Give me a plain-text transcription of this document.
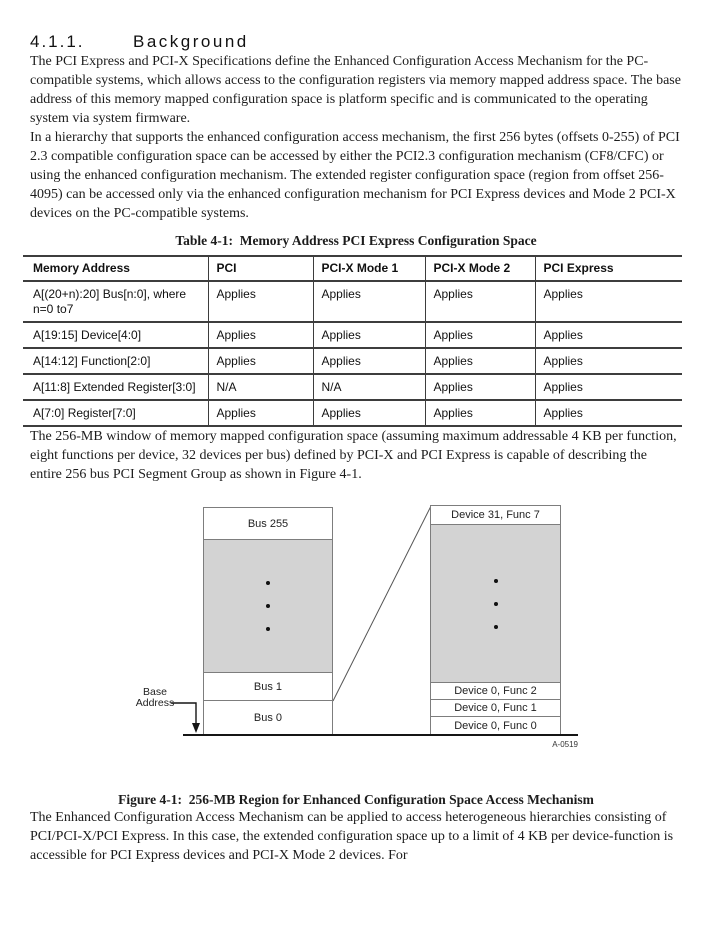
4.1.1.	Background

The PCI Express and PCI-X Specifications define the Enhanced Configuration Access Mechanism for the PC-compatible systems, which allows access to the configuration registers via memory mapped address space. The base address of this memory mapped configuration space is platform specific and is communicated to the operating system via system firmware.

In a hierarchy that supports the enhanced configuration access mechanism, the first 256 bytes (offsets 0-255) of PCI 2.3 compatible configuration space can be accessed by either the PCI2.3 configuration mechanism (CF8/CFC) or using the enhanced configuration mechanism. The extended register configuration space (region from offset 256-4095) can be accessed only via the enhanced configuration mechanism for PCI Express devices and Mode 2 PCI-X devices on the PC-compatible systems.

Table 4-1:  Memory Address PCI Express Configuration Space
Memory Address	PCI	PCI-X Mode 1	PCI-X Mode 2	PCI Express
A[(20+n):20] Bus[n:0], where n=0 to7	Applies	Applies	Applies	Applies
A[19:15] Device[4:0]	Applies	Applies	Applies	Applies
A[14:12] Function[2:0]	Applies	Applies	Applies	Applies
A[11:8] Extended Register[3:0]	N/A	N/A	Applies	Applies
A[7:0] Register[7:0]	Applies	Applies	Applies	Applies

The 256-MB window of memory mapped configuration space (assuming maximum addressable 4 KB per function, eight functions per device, 32 devices per bus) defined by PCI-X and PCI Express is capable of describing the entire 256 bus PCI Segment Group as shown in Figure 4-1.

Bus 255
Bus 1
Bus 0
Device 31, Func 7
Device 0, Func 2
Device 0, Func 1
Device 0, Func 0
Base
Address
A-0519
Figure 4-1:  256-MB Region for Enhanced Configuration Space Access Mechanism

The Enhanced Configuration Access Mechanism can be applied to access heterogeneous hierarchies consisting of PCI/PCI-X/PCI Express. In this case, the extended configuration space up to a limit of 4 KB per device-function is accessible for PCI Express devices and PCI-X Mode 2 devices. For
